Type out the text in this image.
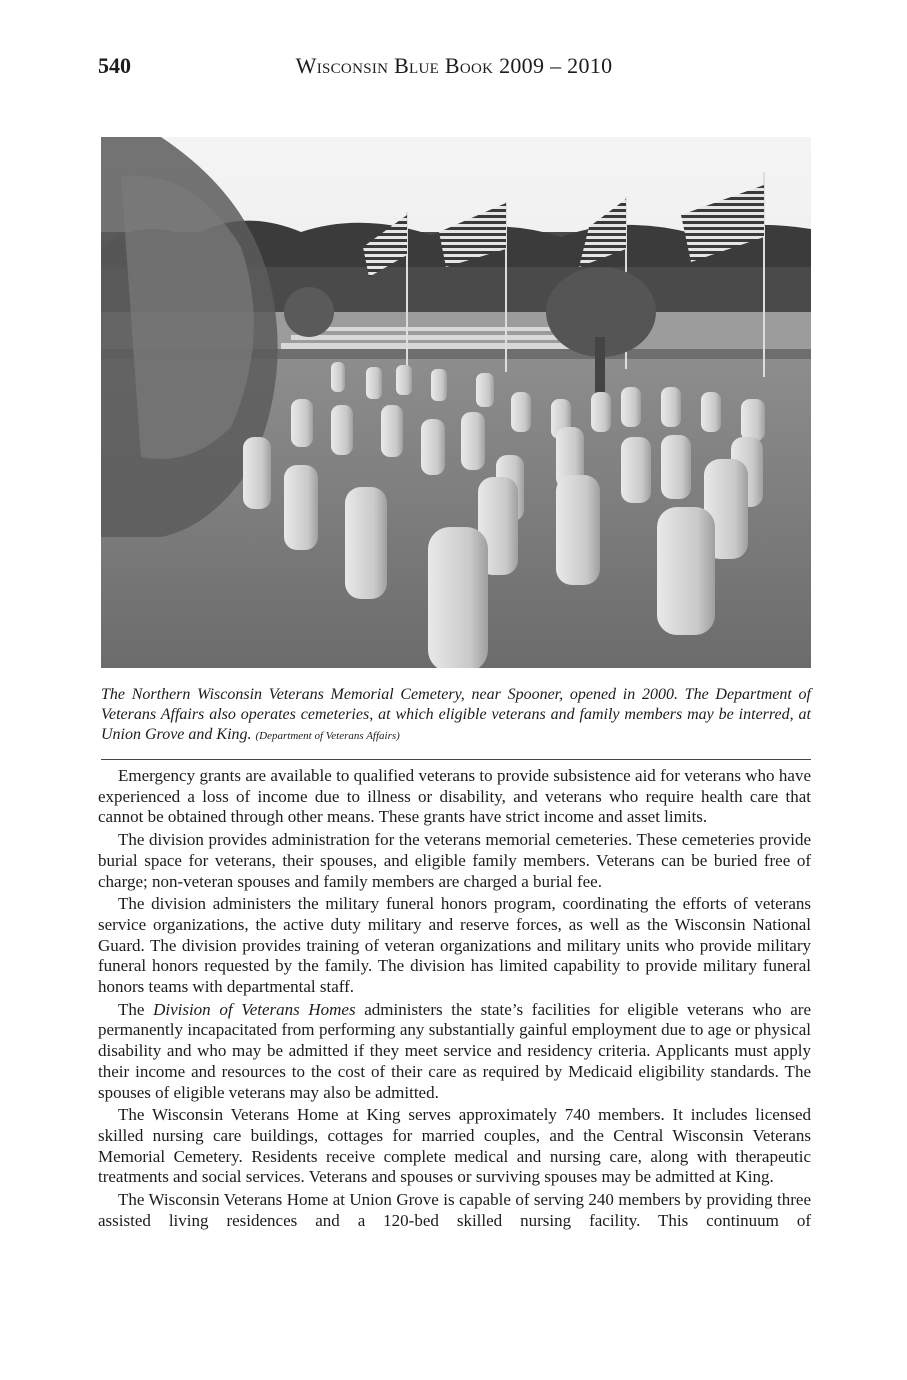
540	Wisconsin Blue Book 2009 – 2010
The Northern Wisconsin Veterans Memorial Cemetery, near Spooner, opened in 2000. The Department of Veterans Affairs also operates cemeteries, at which eligible veterans and family members may be interred, at Union Grove and King. (Department of Veterans Affairs)

Emergency grants are available to qualified veterans to provide subsistence aid for veterans who have experienced a loss of income due to illness or disability, and veterans who require health care that cannot be obtained through other means. These grants have strict income and asset limits.

The division provides administration for the veterans memorial cemeteries. These cemeteries provide burial space for veterans, their spouses, and eligible family members. Veterans can be buried free of charge; non-veteran spouses and family members are charged a burial fee.

The division administers the military funeral honors program, coordinating the efforts of veterans service organizations, the active duty military and reserve forces, as well as the Wisconsin National Guard. The division provides training of veteran organizations and military units who provide military funeral honors requested by the family. The division has limited capability to provide military funeral honors teams with departmental staff.

The Division of Veterans Homes administers the state’s facilities for eligible veterans who are permanently incapacitated from performing any substantially gainful employment due to age or physical disability and who may be admitted if they meet service and residency criteria. Applicants must apply their income and resources to the cost of their care as required by Medicaid eligibility standards. The spouses of eligible veterans may also be admitted.

The Wisconsin Veterans Home at King serves approximately 740 members. It includes licensed skilled nursing care buildings, cottages for married couples, and the Central Wisconsin Veterans Memorial Cemetery. Residents receive complete medical and nursing care, along with therapeutic treatments and social services. Veterans and spouses or surviving spouses may be admitted at King.

The Wisconsin Veterans Home at Union Grove is capable of serving 240 members by providing three assisted living residences and a 120-bed skilled nursing facility. This continuum of
